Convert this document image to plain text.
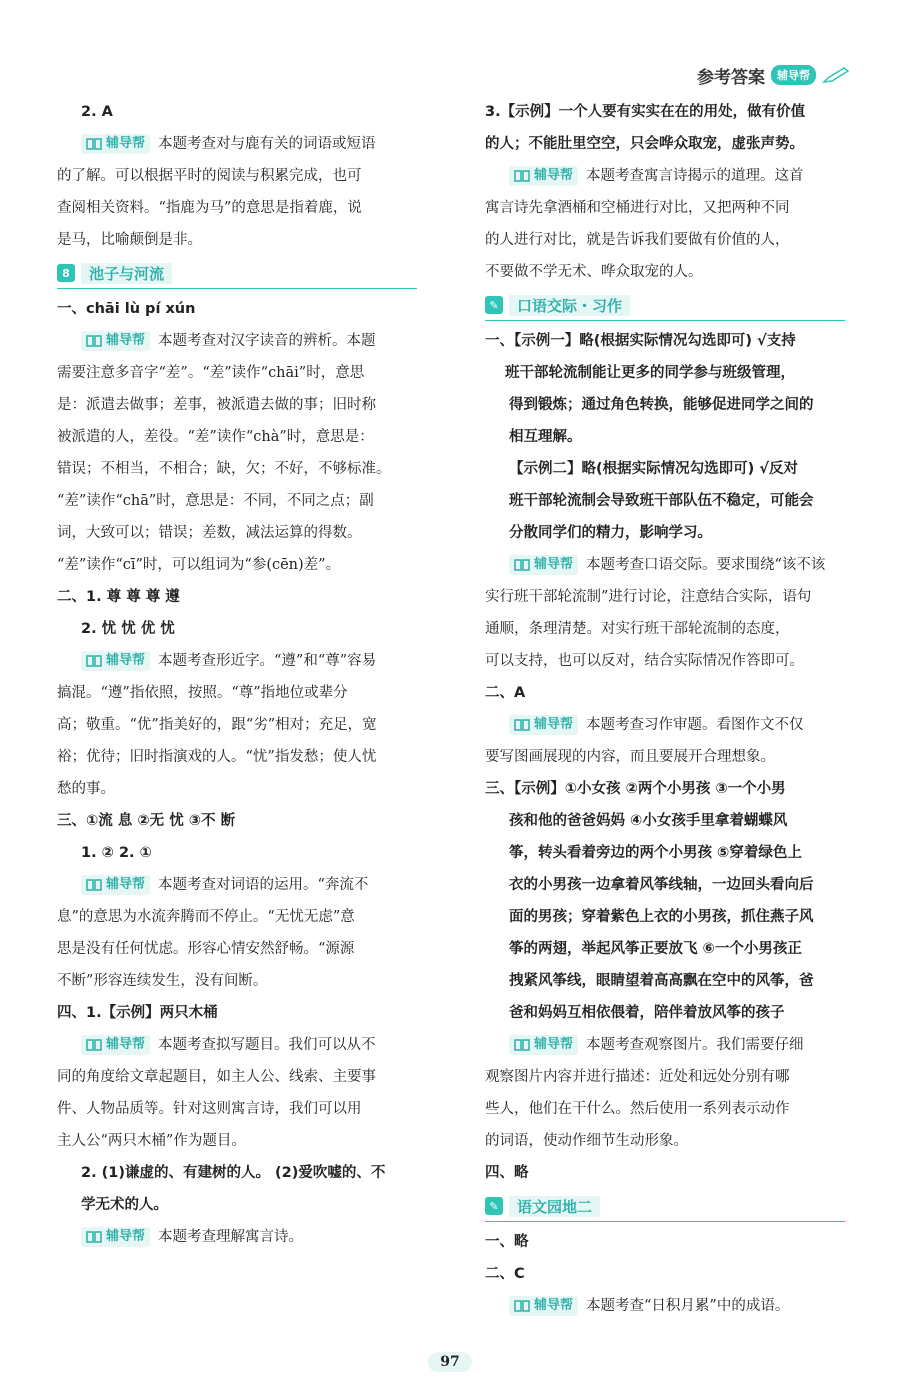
参考答案	辅导帮
2. A
辅导帮 本题考查对与鹿有关的词语或短语
的了解。可以根据平时的阅读与积累完成，也可
查阅相关资料。“指鹿为马”的意思是指着鹿，说
是马，比喻颠倒是非。
8	池子与河流
一、chāi lù pí xún
辅导帮 本题考查对汉字读音的辨析。本题
需要注意多音字“差”。“差”读作“chāi”时，意思
是：派遣去做事；差事，被派遣去做的事；旧时称
被派遣的人，差役。“差”读作“chà”时，意思是：
错误；不相当，不相合；缺，欠；不好，不够标准。
“差”读作“chā”时，意思是：不同，不同之点；副
词，大致可以；错误；差数，减法运算的得数。
“差”读作“cī”时，可以组词为“参(cēn)差”。
二、1. 尊 尊 尊 遵
2. 忧 忧 优 忧
辅导帮 本题考查形近字。“遵”和“尊”容易
搞混。“遵”指依照，按照。“尊”指地位或辈分
高；敬重。“优”指美好的，跟“劣”相对；充足，宽
裕；优待；旧时指演戏的人。“忧”指发愁；使人忧
愁的事。
三、①流 息 ②无 忧 ③不 断
1. ② 2. ①
辅导帮 本题考查对词语的运用。“奔流不
息”的意思为水流奔腾而不停止。“无忧无虑”意
思是没有任何忧虑。形容心情安然舒畅。“源源
不断”形容连续发生，没有间断。
四、1.【示例】两只木桶
辅导帮 本题考查拟写题目。我们可以从不
同的角度给文章起题目，如主人公、线索、主要事
件、人物品质等。针对这则寓言诗，我们可以用
主人公“两只木桶”作为题目。
2. (1)谦虚的、有建树的人。 (2)爱吹嘘的、不
学无术的人。
辅导帮 本题考查理解寓言诗。
3.【示例】一个人要有实实在在的用处，做有价值
的人；不能肚里空空，只会哗众取宠，虚张声势。
辅导帮 本题考查寓言诗揭示的道理。这首
寓言诗先拿酒桶和空桶进行对比，又把两种不同
的人进行对比，就是告诉我们要做有价值的人，
不要做不学无术、哗众取宠的人。
✎	口语交际・习作
一、【示例一】略(根据实际情况勾选即可) √支持
班干部轮流制能让更多的同学参与班级管理，
得到锻炼；通过角色转换，能够促进同学之间的
相互理解。
【示例二】略(根据实际情况勾选即可) √反对
班干部轮流制会导致班干部队伍不稳定，可能会
分散同学们的精力，影响学习。
辅导帮 本题考查口语交际。要求围绕“该不该
实行班干部轮流制”进行讨论，注意结合实际，语句
通顺，条理清楚。对实行班干部轮流制的态度，
可以支持，也可以反对，结合实际情况作答即可。
二、A
辅导帮 本题考查习作审题。看图作文不仅
要写图画展现的内容，而且要展开合理想象。
三、【示例】①小女孩 ②两个小男孩 ③一个小男
孩和他的爸爸妈妈 ④小女孩手里拿着蝴蝶风
筝，转头看着旁边的两个小男孩 ⑤穿着绿色上
衣的小男孩一边拿着风筝线轴，一边回头看向后
面的男孩；穿着紫色上衣的小男孩，抓住燕子风
筝的两翅，举起风筝正要放飞 ⑥一个小男孩正
拽紧风筝线，眼睛望着高高飘在空中的风筝，爸
爸和妈妈互相依偎着，陪伴着放风筝的孩子
辅导帮 本题考查观察图片。我们需要仔细
观察图片内容并进行描述：近处和远处分别有哪
些人，他们在干什么。然后使用一系列表示动作
的词语，使动作细节生动形象。
四、略
✎	语文园地二
一、略
二、C
辅导帮 本题考查“日积月累”中的成语。
97
